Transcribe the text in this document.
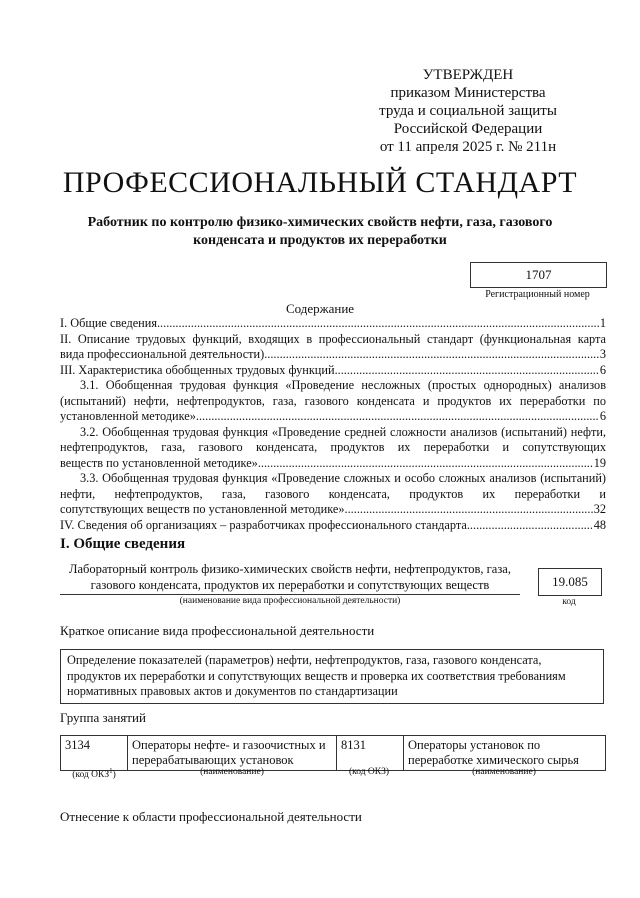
УТВЕРЖДЕН
приказом Министерства
труда и социальной защиты
Российской Федерации
от 11 апреля 2025 г. № 211н
ПРОФЕССИОНАЛЬНЫЙ СТАНДАРТ
Работник по контролю физико-химических свойств нефти, газа, газового конденсата и продуктов их переработки
1707
Регистрационный номер
Содержание
I. Общие сведения .....	1
II. Описание трудовых функций, входящих в профессиональный стандарт (функциональная карта
вида профессиональной деятельности) .....	3
III. Характеристика обобщенных трудовых функций .....	6
3.1. Обобщенная трудовая функция «Проведение несложных (простых однородных) анализов (испытаний) нефти, нефтепродуктов, газа, газового конденсата и продуктов их переработки по
установленной методике» .....	6
3.2. Обобщенная трудовая функция «Проведение средней сложности анализов (испытаний) нефти, нефтепродуктов, газа, газового конденсата, продуктов их переработки и сопутствующих
веществ по установленной методике» .....	19
3.3. Обобщенная трудовая функция «Проведение сложных и особо сложных анализов (испытаний) нефти, нефтепродуктов, газа, газового конденсата, продуктов их переработки и
сопутствующих веществ по установленной методике» .....	32
IV. Сведения об организациях – разработчиках профессионального стандарта .....	48
I. Общие сведения
Лабораторный контроль физико-химических свойств нефти, нефтепродуктов, газа, газового конденсата, продуктов их переработки и сопутствующих веществ
(наименование вида профессиональной деятельности)
19.085
код
Краткое описание вида профессиональной деятельности
Определение показателей (параметров) нефти, нефтепродуктов, газа, газового конденсата, продуктов их переработки и сопутствующих веществ и проверка их соответствия требованиям нормативных правовых актов и документов по стандартизации
Группа занятий
3134	Операторы нефте- и газоочистных и перерабатывающих установок	8131	Операторы установок по переработке химического сырья
(код ОКЗ$^1$)	(наименование)	(код ОКЗ)	(наименование)
Отнесение к области профессиональной деятельности
